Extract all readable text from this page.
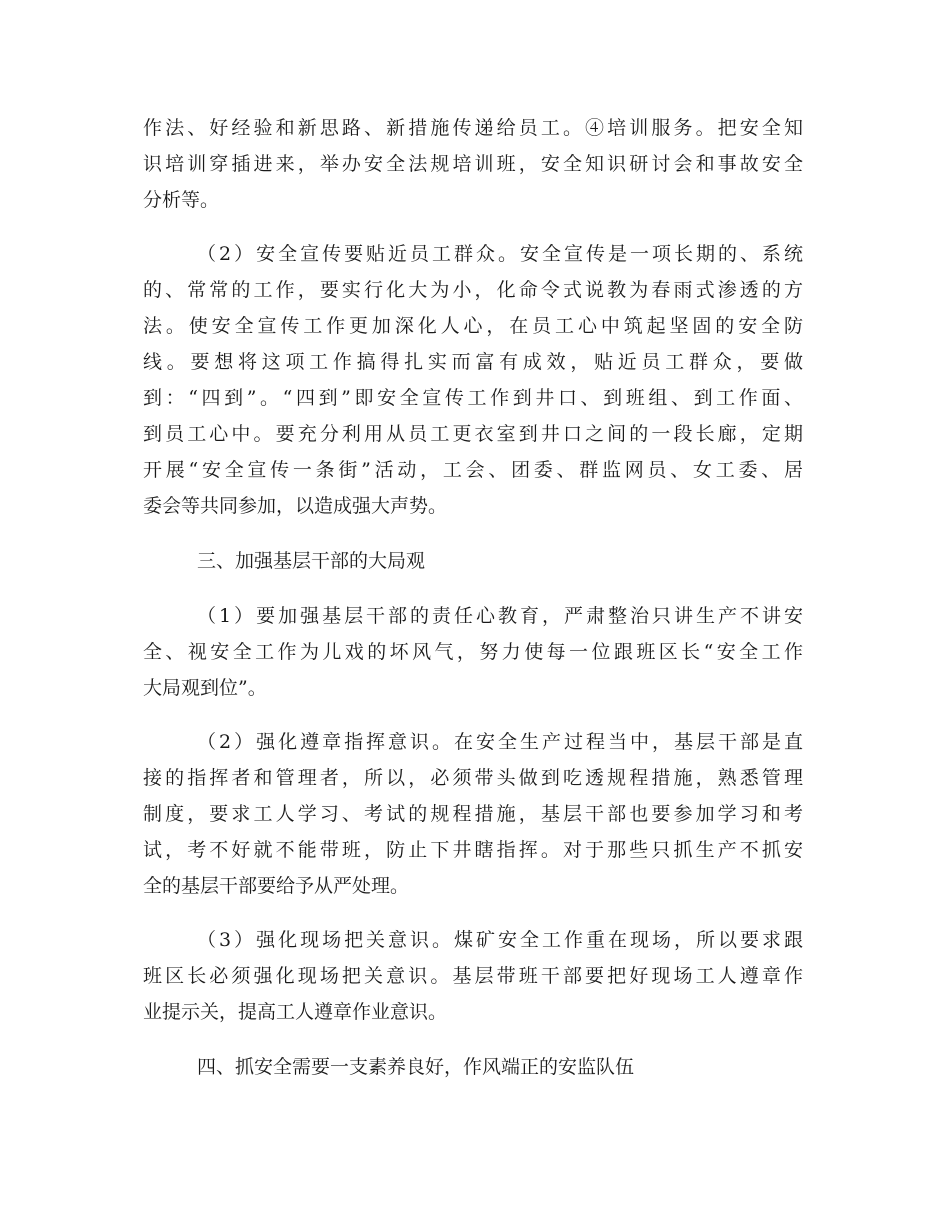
作法、好经验和新思路、新措施传递给员工。④培训服务。把安全知
识培训穿插进来，举办安全法规培训班，安全知识研讨会和事故安全
分析等。
（2）安全宣传要贴近员工群众。安全宣传是一项长期的、系统
的、常常的工作，要实行化大为小，化命令式说教为春雨式渗透的方
法。使安全宣传工作更加深化人心，在员工心中筑起坚固的安全防
线。要想将这项工作搞得扎实而富有成效，贴近员工群众，要做
到：“四到”。“四到”即安全宣传工作到井口、到班组、到工作面、
到员工心中。要充分利用从员工更衣室到井口之间的一段长廊，定期
开展“安全宣传一条街”活动，工会、团委、群监网员、女工委、居
委会等共同参加，以造成强大声势。
三、加强基层干部的大局观
（1）要加强基层干部的责任心教育，严肃整治只讲生产不讲安
全、视安全工作为儿戏的坏风气，努力使每一位跟班区长“安全工作
大局观到位”。
（2）强化遵章指挥意识。在安全生产过程当中，基层干部是直
接的指挥者和管理者，所以，必须带头做到吃透规程措施，熟悉管理
制度，要求工人学习、考试的规程措施，基层干部也要参加学习和考
试，考不好就不能带班，防止下井瞎指挥。对于那些只抓生产不抓安
全的基层干部要给予从严处理。
（3）强化现场把关意识。煤矿安全工作重在现场，所以要求跟
班区长必须强化现场把关意识。基层带班干部要把好现场工人遵章作
业提示关，提高工人遵章作业意识。
四、抓安全需要一支素养良好，作风端正的安监队伍
